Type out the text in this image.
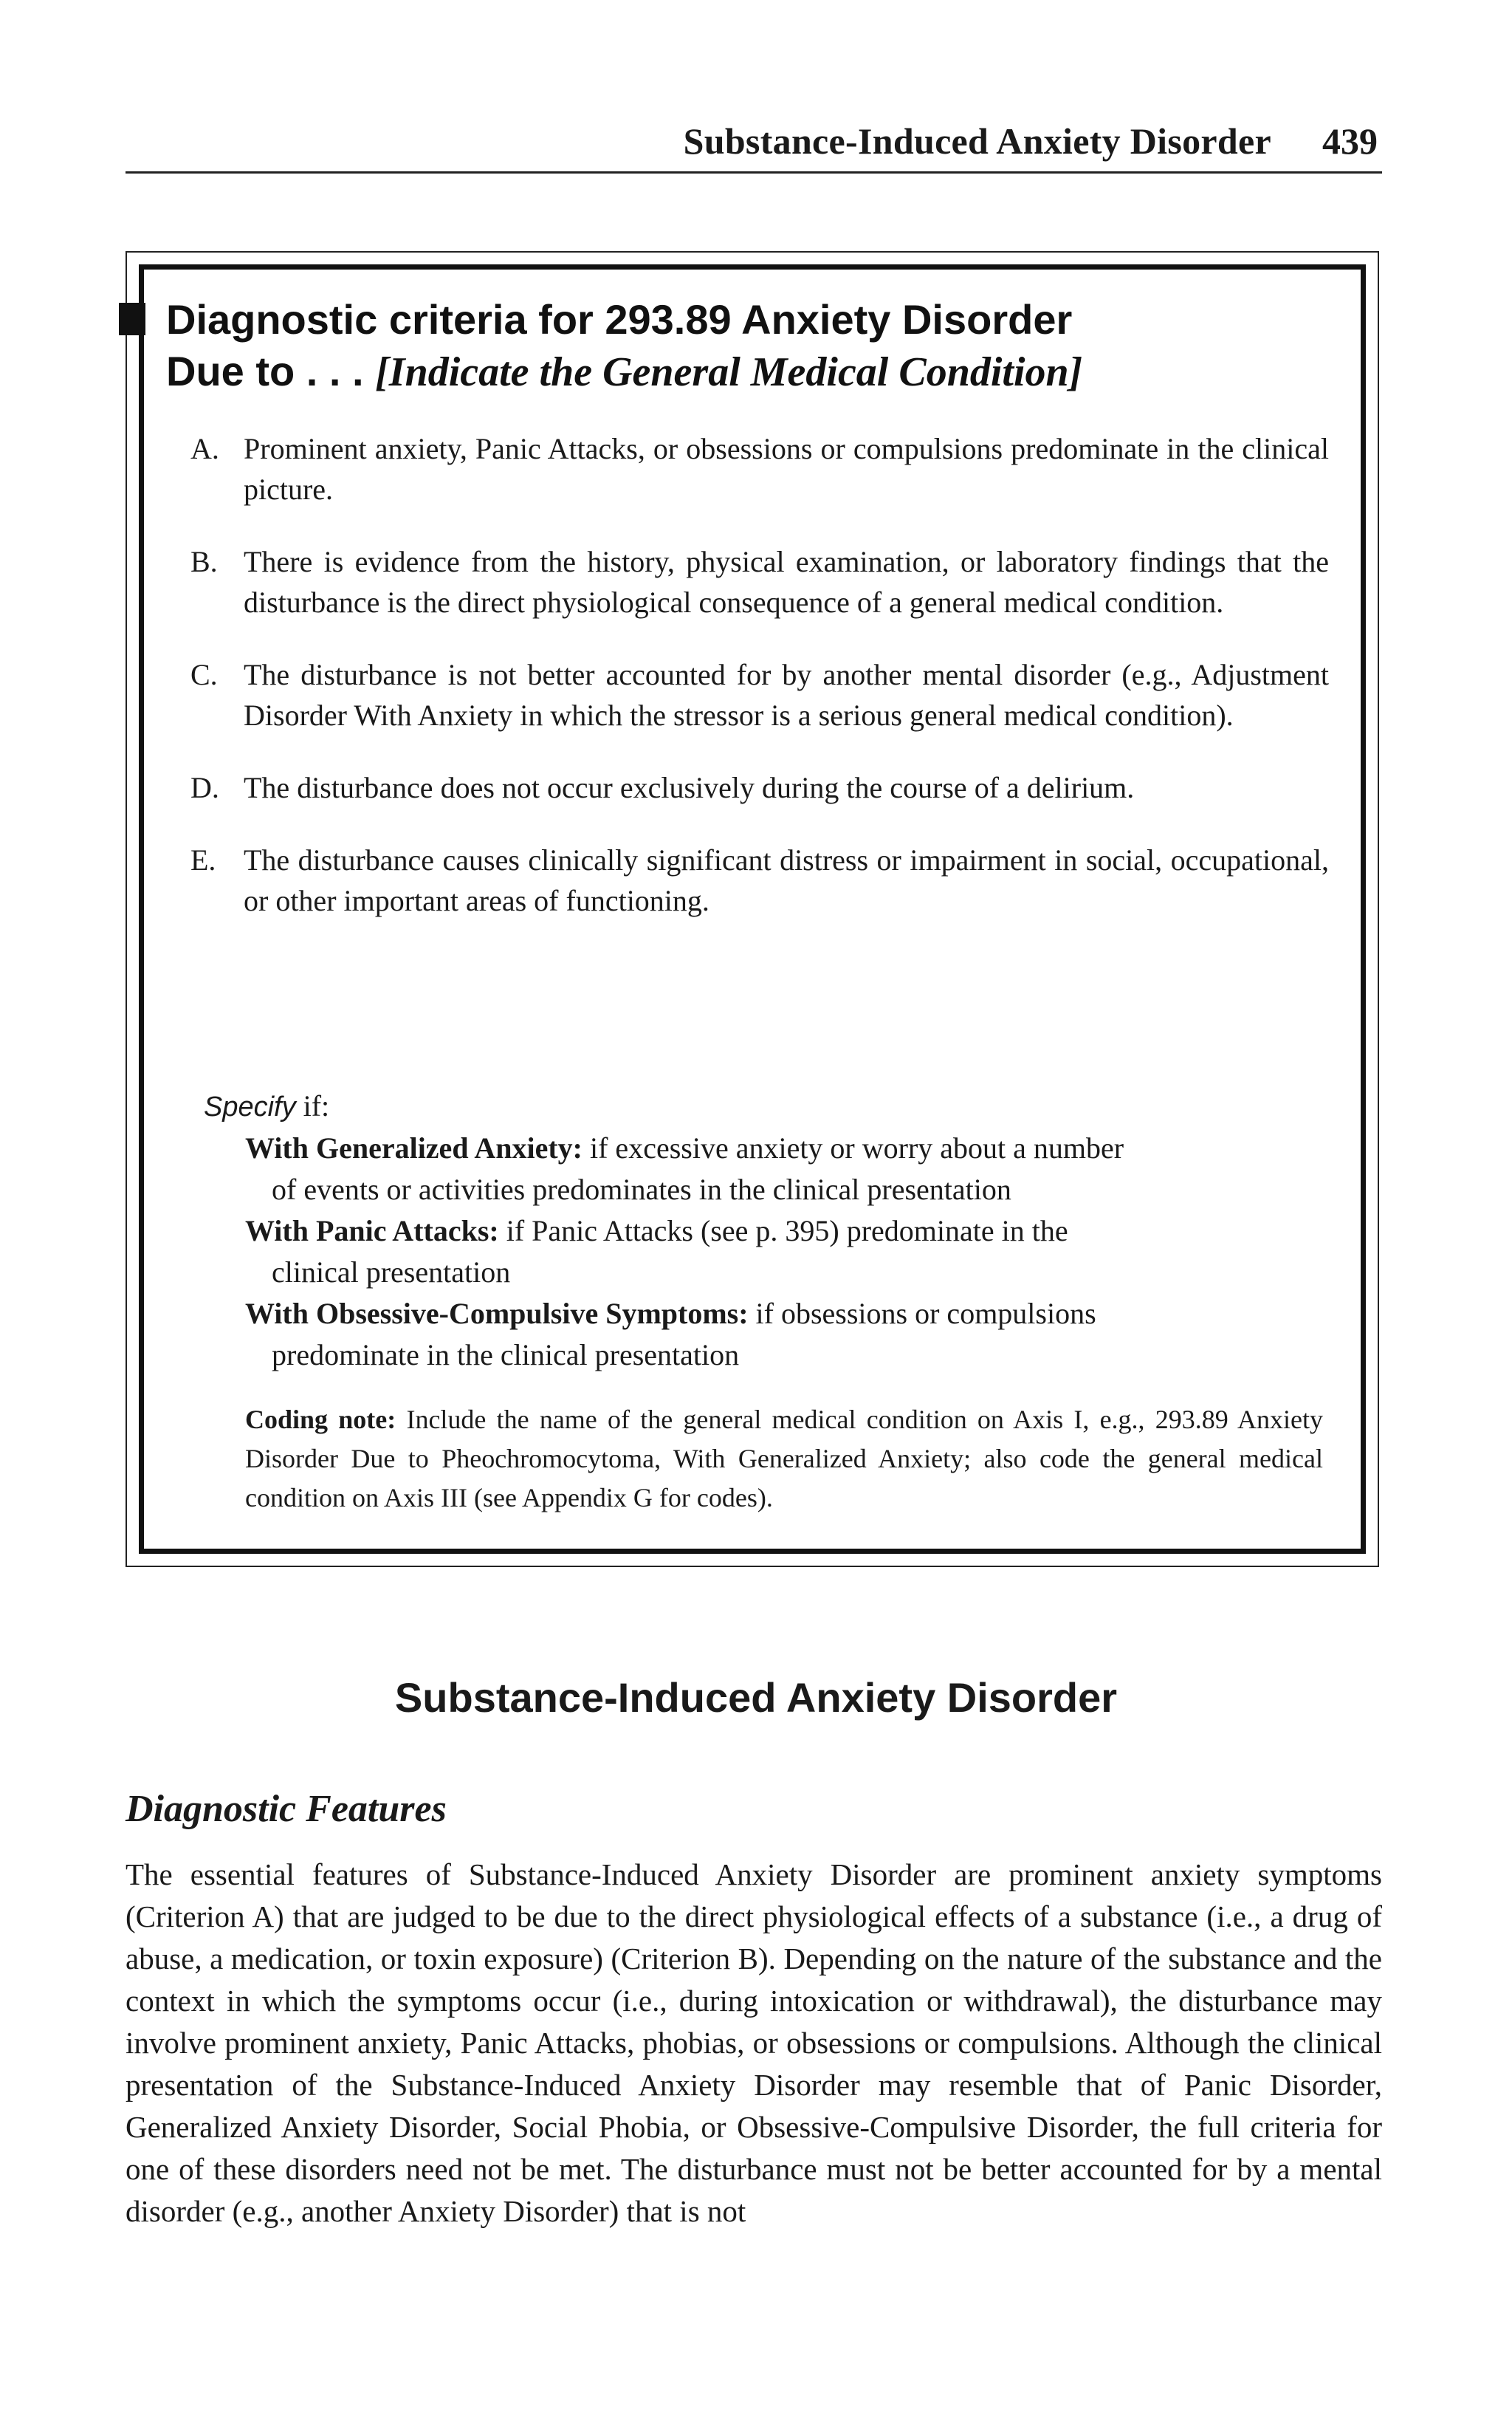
Substance-Induced Anxiety Disorder 439
Diagnostic criteria for 293.89 Anxiety Disorder
Due to . . . [Indicate the General Medical Condition]
A. Prominent anxiety, Panic Attacks, or obsessions or compulsions predominate in the clinical picture.
B. There is evidence from the history, physical examination, or laboratory findings that the disturbance is the direct physiological consequence of a general medical condition.
C. The disturbance is not better accounted for by another mental disorder (e.g., Adjustment Disorder With Anxiety in which the stressor is a serious general medical condition).
D. The disturbance does not occur exclusively during the course of a delirium.
E. The disturbance causes clinically significant distress or impairment in social, occupational, or other important areas of functioning.
Specify if:
With Generalized Anxiety: if excessive anxiety or worry about a number
of events or activities predominates in the clinical presentation
With Panic Attacks: if Panic Attacks (see p. 395) predominate in the
clinical presentation
With Obsessive-Compulsive Symptoms: if obsessions or compulsions
predominate in the clinical presentation
Coding note: Include the name of the general medical condition on Axis I, e.g., 293.89 Anxiety Disorder Due to Pheochromocytoma, With Generalized Anxiety; also code the general medical condition on Axis III (see Appendix G for codes).
Substance-Induced Anxiety Disorder
Diagnostic Features
The essential features of Substance-Induced Anxiety Disorder are prominent anxiety symptoms (Criterion A) that are judged to be due to the direct physiological effects of a substance (i.e., a drug of abuse, a medication, or toxin exposure) (Criterion B). Depending on the nature of the substance and the context in which the symptoms occur (i.e., during intoxication or withdrawal), the disturbance may involve prominent anxiety, Panic Attacks, phobias, or obsessions or compulsions. Although the clinical presentation of the Substance-Induced Anxiety Disorder may resemble that of Panic Disorder, Generalized Anxiety Disorder, Social Phobia, or Obsessive-Compulsive Disorder, the full criteria for one of these disorders need not be met. The disturbance must not be better accounted for by a mental disorder (e.g., another Anxiety Disorder) that is not
